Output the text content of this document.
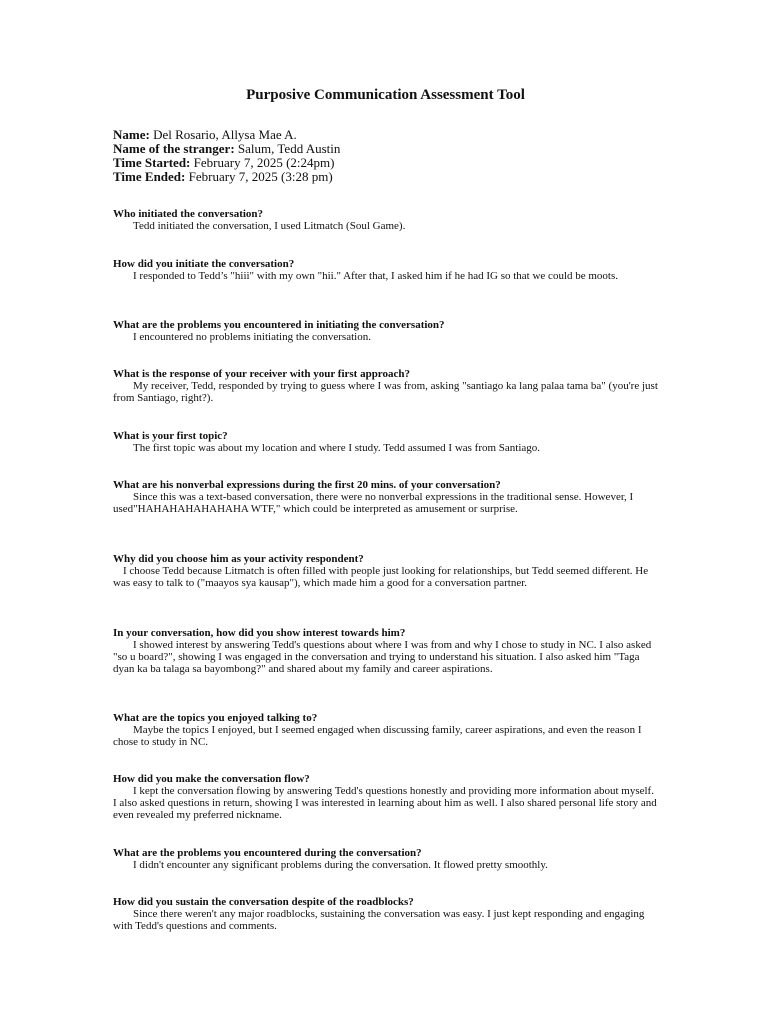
Purposive Communication Assessment Tool
Name: Del Rosario, Allysa Mae A.
Name of the stranger: Salum, Tedd Austin
Time Started: February 7, 2025 (2:24pm)
Time Ended: February 7, 2025 (3:28 pm)

Who initiated the conversation?

Tedd initiated the conversation, I used Litmatch (Soul Game).

How did you initiate the conversation?

I responded to Tedd’s "hiii" with my own "hii." After that, I asked him if he had IG so that we could be moots.

What are the problems you encountered in initiating the conversation?

I encountered no problems initiating the conversation.

What is the response of your receiver with your first approach?

My receiver, Tedd, responded by trying to guess where I was from, asking "santiago ka lang palaa tama ba" (you're just from Santiago, right?).

What is your first topic?

The first topic was about my location and where I study. Tedd assumed I was from Santiago.

What are his nonverbal expressions during the first 20 mins. of your conversation?

Since this was a text-based conversation, there were no nonverbal expressions in the traditional sense. However, I used"HAHAHAHAHAHAHA WTF," which could be interpreted as amusement or surprise.

Why did you choose him as your activity respondent?

I choose Tedd because Litmatch is often filled with people just looking for relationships, but Tedd seemed different. He was easy to talk to ("maayos sya kausap"), which made him a good for a conversation partner.

In your conversation, how did you show interest towards him?

I showed interest by answering Tedd's questions about where I was from and why I chose to study in NC. I also asked "so u board?", showing I was engaged in the conversation and trying to understand his situation. I also asked him "Taga dyan ka ba talaga sa bayombong?" and shared about my family and career aspirations.

What are the topics you enjoyed talking to?

Maybe the topics I enjoyed, but I seemed engaged when discussing family, career aspirations, and even the reason I chose to study in NC.

How did you make the conversation flow?

I kept the conversation flowing by answering Tedd's questions honestly and providing more information about myself. I also asked questions in return, showing I was interested in learning about him as well. I also shared personal life story and even revealed my preferred nickname.

What are the problems you encountered during the conversation?

I didn't encounter any significant problems during the conversation. It flowed pretty smoothly.

How did you sustain the conversation despite of the roadblocks?

Since there weren't any major roadblocks, sustaining the conversation was easy. I just kept responding and engaging with Tedd's questions and comments.
